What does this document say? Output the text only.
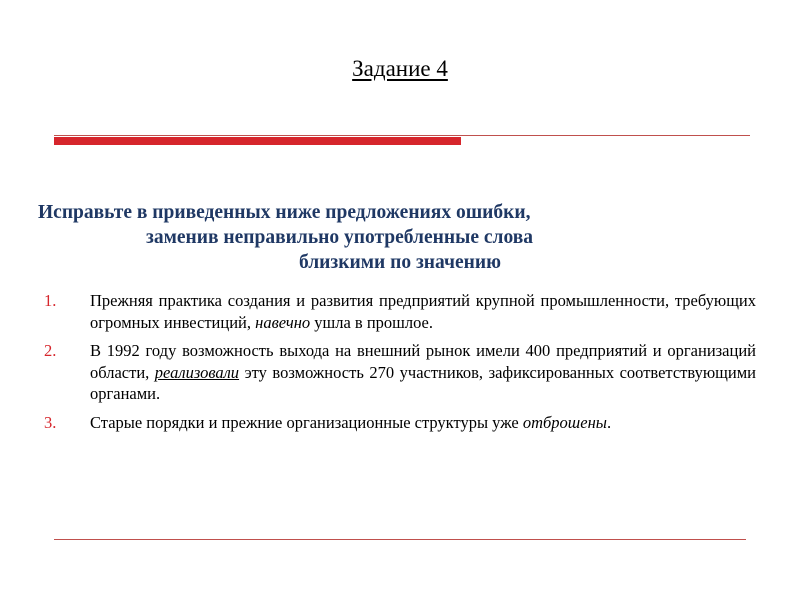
Задание 4
Исправьте в приведенных ниже предложениях ошибки,
заменив неправильно употребленные слова
близкими по значению
1. Прежняя практика создания и развития предприятий крупной промышленности, требующих огромных инвестиций, навечно ушла в прошлое.
2. В 1992 году возможность выхода на внешний рынок имели 400 предприятий и организаций области, реализовали эту возможность 270 участников, зафиксированных соответствующими органами.
3. Старые порядки и прежние организационные структуры уже отброшены.
